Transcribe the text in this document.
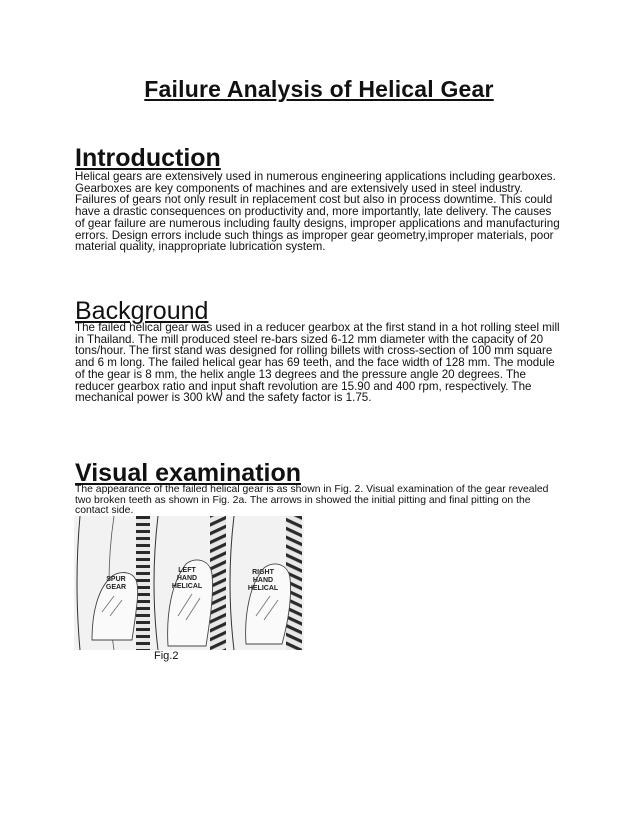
Failure Analysis of Helical Gear
Introduction

Helical gears are extensively used in numerous engineering applications including gearboxes. Gearboxes are key components of machines and are extensively used in steel industry. Failures of gears not only result in replacement cost but also in process downtime. This could have a drastic consequences on productivity and, more importantly, late delivery. The causes of gear failure are numerous including faulty designs, improper applications and manufacturing errors. Design errors include such things as improper gear geometry,improper materials, poor material quality, inappropriate lubrication system.

Background

The failed helical gear was used in a reducer gearbox at the first stand in a hot rolling steel mill in Thailand. The mill produced steel re-bars sized 6-12 mm diameter with the capacity of 20 tons/hour. The first stand was designed for rolling billets with cross-section of 100 mm square and 6 m long. The failed helical gear has 69 teeth, and the face width of 128 mm. The module of the gear is 8 mm, the helix angle 13 degrees and the pressure angle 20 degrees. The reducer gearbox ratio and input shaft revolution are 15.90 and 400 rpm, respectively. The mechanical power is 300 kW and the safety factor is 1.75.

Visual examination

The appearance of the failed helical gear is as shown in Fig. 2. Visual examination of the gear revealed two broken teeth as shown in Fig. 2a. The arrows in showed the initial pitting and final pitting on the contact side.

SPUR
GEAR
LEFT
HAND
HELICAL
RIGHT
HAND
HELICAL
Fig.2
